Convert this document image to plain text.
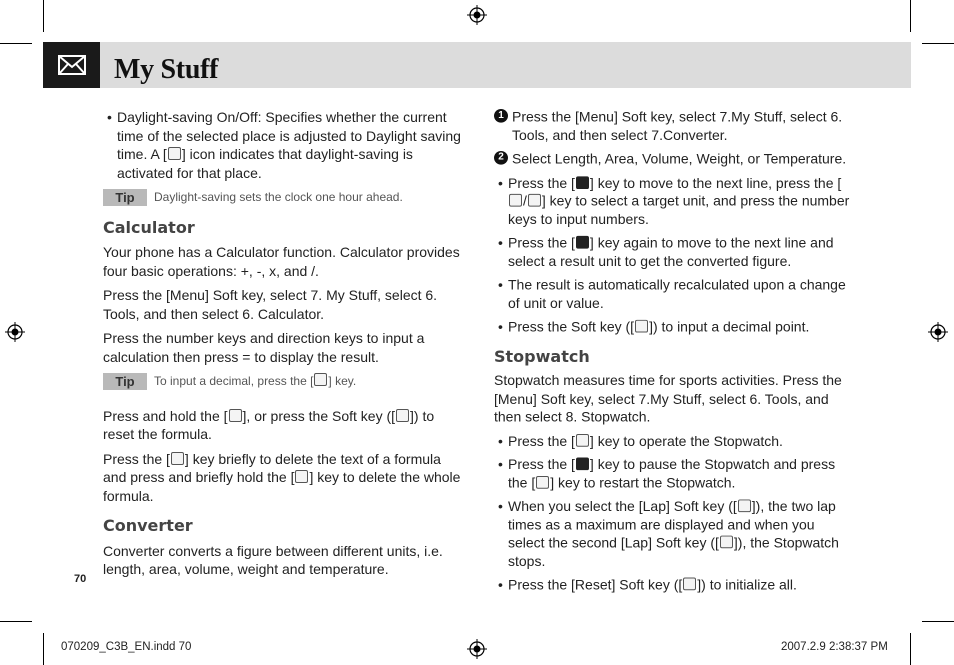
My Stuff
• Daylight-saving On/Off: Specifies whether the current time of the selected place is adjusted to Daylight saving time. A [ ] icon indicates that daylight-saving is activated for that place.
Tip	Daylight-saving sets the clock one hour ahead.
Calculator

Your phone has a Calculator function. Calculator provides four basic operations: +, -, x, and /.

Press the [Menu] Soft key, select 7. My Stuff, select 6. Tools, and then select 6. Calculator.

Press the number keys and direction keys to input a calculation then press = to display the result.

Tip	To input a decimal, press the [ ] key.

Press and hold the [ ], or press the Soft key ([ ]) to reset the formula.

Press the [ ] key briefly to delete the text of a formula and press and briefly hold the [ ] key to delete the whole formula.

Converter

Converter converts a figure between different units, i.e. length, area, volume, weight and temperature.

1 Press the [Menu] Soft key, select 7.My Stuff, select 6. Tools, and then select 7.Converter.
2 Select Length, Area, Volume, Weight, or Temperature.
• Press the [ ] key to move to the next line, press the [/ ] key to select a target unit, and press the number keys to input numbers.
• Press the [ ] key again to move to the next line and select a result unit to get the converted figure.
• The result is automatically recalculated upon a change of unit or value.
• Press the Soft key ([ ]) to input a decimal point.
Stopwatch

Stopwatch measures time for sports activities. Press the [Menu] Soft key, select 7.My Stuff, select 6. Tools, and then select 8. Stopwatch.

• Press the [ ] key to operate the Stopwatch.
• Press the [ ] key to pause the Stopwatch and press the [ ] key to restart the Stopwatch.
• When you select the [Lap] Soft key ([ ]), the two lap times as a maximum are displayed and when you select the second [Lap] Soft key ([ ]), the Stopwatch stops.
• Press the [Reset] Soft key ([ ]) to initialize all.
70
070209_C3B_EN.indd 70	2007.2.9 2:38:37 PM
